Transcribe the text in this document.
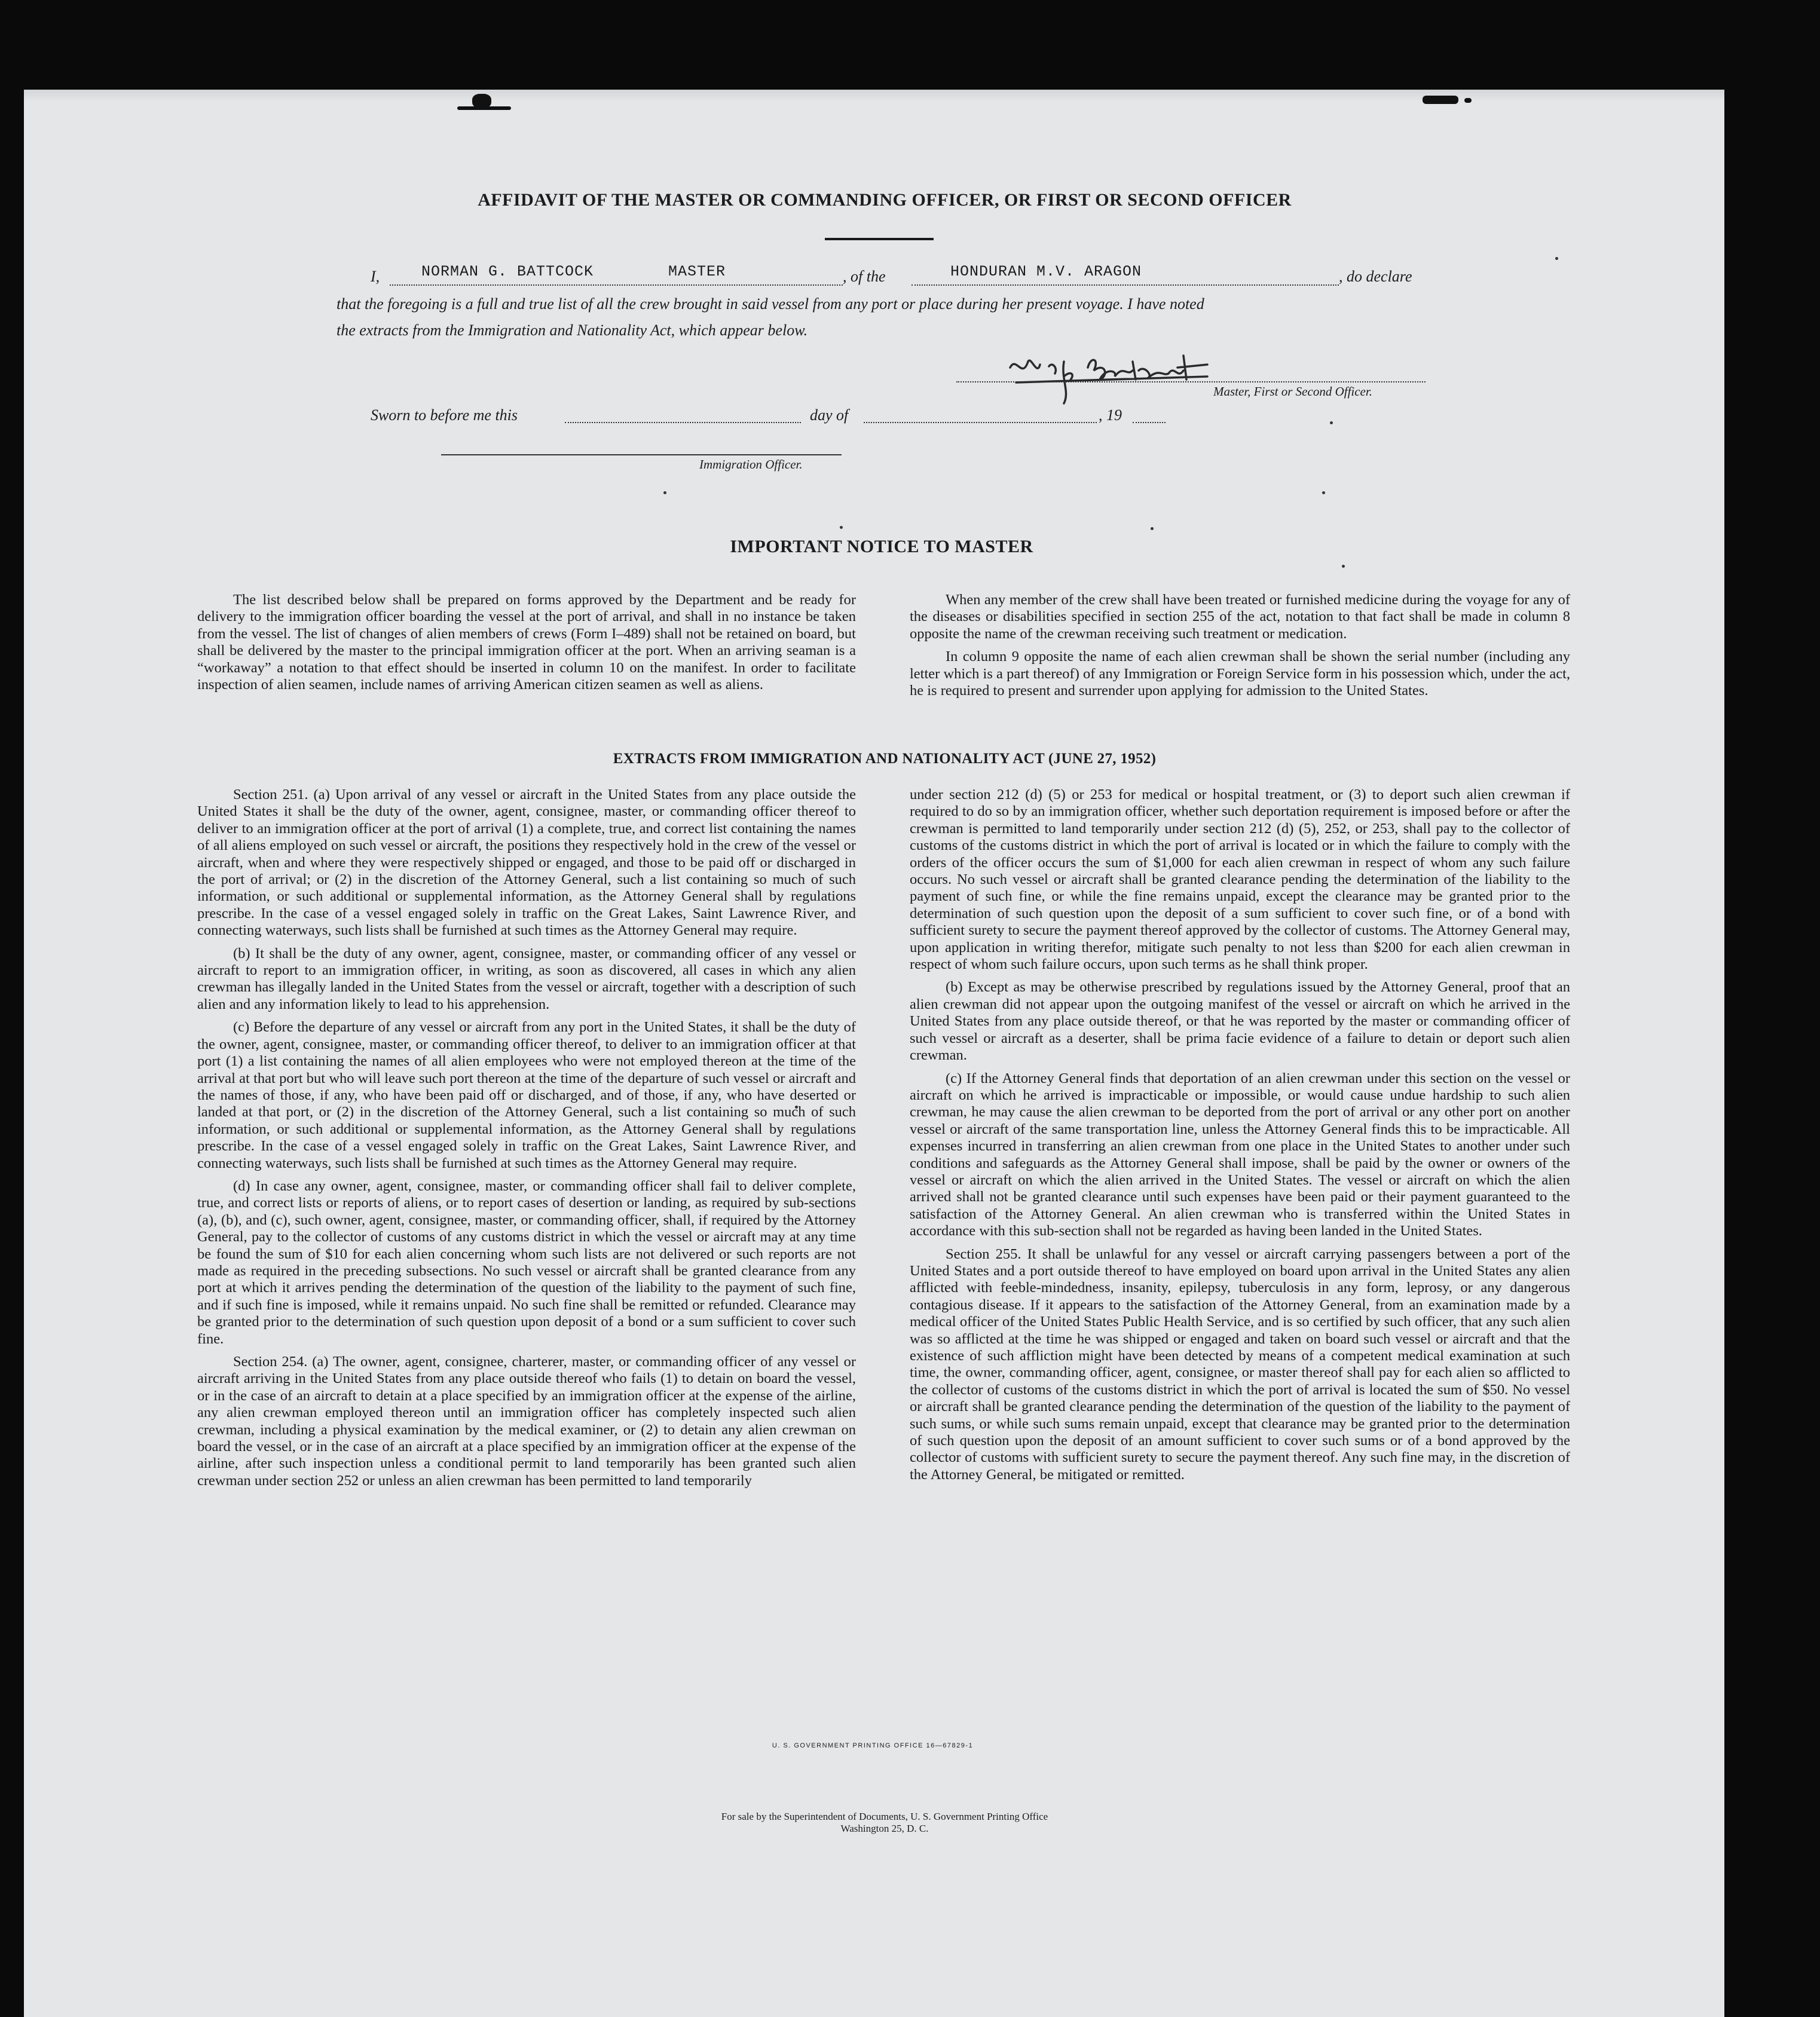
AFFIDAVIT OF THE MASTER OR COMMANDING OFFICER, OR FIRST OR SECOND OFFICER
I,	NORMAN G. BATTCOCK	MASTER	, of the	HONDURAN M.V. ARAGON	, do declare
that the foregoing is a full and true list of all the crew brought in said vessel from any port or place during her present voyage. I have noted
the extracts from the Immigration and Nationality Act, which appear below.
Master, First or Second Officer.
Sworn to before me this	day of	, 19
Immigration Officer.
IMPORTANT NOTICE TO MASTER

The list described below shall be prepared on forms approved by the Department and be ready for delivery to the immigration officer boarding the vessel at the port of arrival, and shall in no instance be taken from the vessel. The list of changes of alien members of crews (Form I–489) shall not be retained on board, but shall be delivered by the master to the principal immigration officer at the port. When an arriving seaman is a “workaway” a notation to that effect should be inserted in column 10 on the manifest. In order to facilitate inspection of alien seamen, include names of arriving American citizen seamen as well as aliens.

When any member of the crew shall have been treated or furnished medicine during the voyage for any of the diseases or disabilities specified in section 255 of the act, notation to that fact shall be made in column 8 opposite the name of the crewman receiving such treatment or medication.

In column 9 opposite the name of each alien crewman shall be shown the serial number (including any letter which is a part thereof) of any Immigration or Foreign Service form in his possession which, under the act, he is required to present and surrender upon applying for admission to the United States.

EXTRACTS FROM IMMIGRATION AND NATIONALITY ACT (JUNE 27, 1952)

Section 251. (a) Upon arrival of any vessel or aircraft in the United States from any place outside the United States it shall be the duty of the owner, agent, consignee, master, or commanding officer thereof to deliver to an immigration officer at the port of arrival (1) a complete, true, and correct list containing the names of all aliens employed on such vessel or aircraft, the positions they respectively hold in the crew of the vessel or aircraft, when and where they were respectively shipped or engaged, and those to be paid off or discharged in the port of arrival; or (2) in the discretion of the Attorney General, such a list containing so much of such information, or such additional or supplemental information, as the Attorney General shall by regulations prescribe. In the case of a vessel engaged solely in traffic on the Great Lakes, Saint Lawrence River, and connecting waterways, such lists shall be furnished at such times as the Attorney General may require.

(b) It shall be the duty of any owner, agent, consignee, master, or commanding officer of any vessel or aircraft to report to an immigration officer, in writing, as soon as discovered, all cases in which any alien crewman has illegally landed in the United States from the vessel or aircraft, together with a description of such alien and any information likely to lead to his apprehension.

(c) Before the departure of any vessel or aircraft from any port in the United States, it shall be the duty of the owner, agent, consignee, master, or commanding officer thereof, to deliver to an immigration officer at that port (1) a list containing the names of all alien employees who were not employed thereon at the time of the arrival at that port but who will leave such port thereon at the time of the departure of such vessel or aircraft and the names of those, if any, who have been paid off or discharged, and of those, if any, who have deserted or landed at that port, or (2) in the discretion of the Attorney General, such a list containing so much of such information, or such additional or supplemental information, as the Attorney General shall by regulations prescribe. In the case of a vessel engaged solely in traffic on the Great Lakes, Saint Lawrence River, and connecting waterways, such lists shall be furnished at such times as the Attorney General may require.

(d) In case any owner, agent, consignee, master, or commanding officer shall fail to deliver complete, true, and correct lists or reports of aliens, or to report cases of desertion or landing, as required by sub-sections (a), (b), and (c), such owner, agent, consignee, master, or commanding officer, shall, if required by the Attorney General, pay to the collector of customs of any customs district in which the vessel or aircraft may at any time be found the sum of $10 for each alien concerning whom such lists are not delivered or such reports are not made as required in the preceding subsections. No such vessel or aircraft shall be granted clearance from any port at which it arrives pending the determination of the question of the liability to the payment of such fine, and if such fine is imposed, while it remains unpaid. No such fine shall be remitted or refunded. Clearance may be granted prior to the determination of such question upon deposit of a bond or a sum sufficient to cover such fine.

Section 254. (a) The owner, agent, consignee, charterer, master, or commanding officer of any vessel or aircraft arriving in the United States from any place outside thereof who fails (1) to detain on board the vessel, or in the case of an aircraft to detain at a place specified by an immigration officer at the expense of the airline, any alien crewman employed thereon until an immigration officer has completely inspected such alien crewman, including a physical examination by the medical examiner, or (2) to detain any alien crewman on board the vessel, or in the case of an aircraft at a place specified by an immigration officer at the expense of the airline, after such inspection unless a conditional permit to land temporarily has been granted such alien crewman under section 252 or unless an alien crewman has been permitted to land temporarily

under section 212 (d) (5) or 253 for medical or hospital treatment, or (3) to deport such alien crewman if required to do so by an immigration officer, whether such deportation requirement is imposed before or after the crewman is permitted to land temporarily under section 212 (d) (5), 252, or 253, shall pay to the collector of customs of the customs district in which the port of arrival is located or in which the failure to comply with the orders of the officer occurs the sum of $1,000 for each alien crewman in respect of whom any such failure occurs. No such vessel or aircraft shall be granted clearance pending the determination of the liability to the payment of such fine, or while the fine remains unpaid, except the clearance may be granted prior to the determination of such question upon the deposit of a sum sufficient to cover such fine, or of a bond with sufficient surety to secure the payment thereof approved by the collector of customs. The Attorney General may, upon application in writing therefor, mitigate such penalty to not less than $200 for each alien crewman in respect of whom such failure occurs, upon such terms as he shall think proper.

(b) Except as may be otherwise prescribed by regulations issued by the Attorney General, proof that an alien crewman did not appear upon the outgoing manifest of the vessel or aircraft on which he arrived in the United States from any place outside thereof, or that he was reported by the master or commanding officer of such vessel or aircraft as a deserter, shall be prima facie evidence of a failure to detain or deport such alien crewman.

(c) If the Attorney General finds that deportation of an alien crewman under this section on the vessel or aircraft on which he arrived is impracticable or impossible, or would cause undue hardship to such alien crewman, he may cause the alien crewman to be deported from the port of arrival or any other port on another vessel or aircraft of the same transportation line, unless the Attorney General finds this to be impracticable. All expenses incurred in transferring an alien crewman from one place in the United States to another under such conditions and safeguards as the Attorney General shall impose, shall be paid by the owner or owners of the vessel or aircraft on which the alien arrived in the United States. The vessel or aircraft on which the alien arrived shall not be granted clearance until such expenses have been paid or their payment guaranteed to the satisfaction of the Attorney General. An alien crewman who is transferred within the United States in accordance with this sub-section shall not be regarded as having been landed in the United States.

Section 255. It shall be unlawful for any vessel or aircraft carrying passengers between a port of the United States and a port outside thereof to have employed on board upon arrival in the United States any alien afflicted with feeble-mindedness, insanity, epilepsy, tuberculosis in any form, leprosy, or any dangerous contagious disease. If it appears to the satisfaction of the Attorney General, from an examination made by a medical officer of the United States Public Health Service, and is so certified by such officer, that any such alien was so afflicted at the time he was shipped or engaged and taken on board such vessel or aircraft and that the existence of such affliction might have been detected by means of a competent medical examination at such time, the owner, commanding officer, agent, consignee, or master thereof shall pay for each alien so afflicted to the collector of customs of the customs district in which the port of arrival is located the sum of $50. No vessel or aircraft shall be granted clearance pending the determination of the question of the liability to the payment of such sums, or while such sums remain unpaid, except that clearance may be granted prior to the determination of such question upon the deposit of an amount sufficient to cover such sums or of a bond approved by the collector of customs with sufficient surety to secure the payment thereof. Any such fine may, in the discretion of the Attorney General, be mitigated or remitted.

U. S. GOVERNMENT PRINTING OFFICE 16—67829-1
For sale by the Superintendent of Documents, U. S. Government Printing Office
Washington 25, D. C.
